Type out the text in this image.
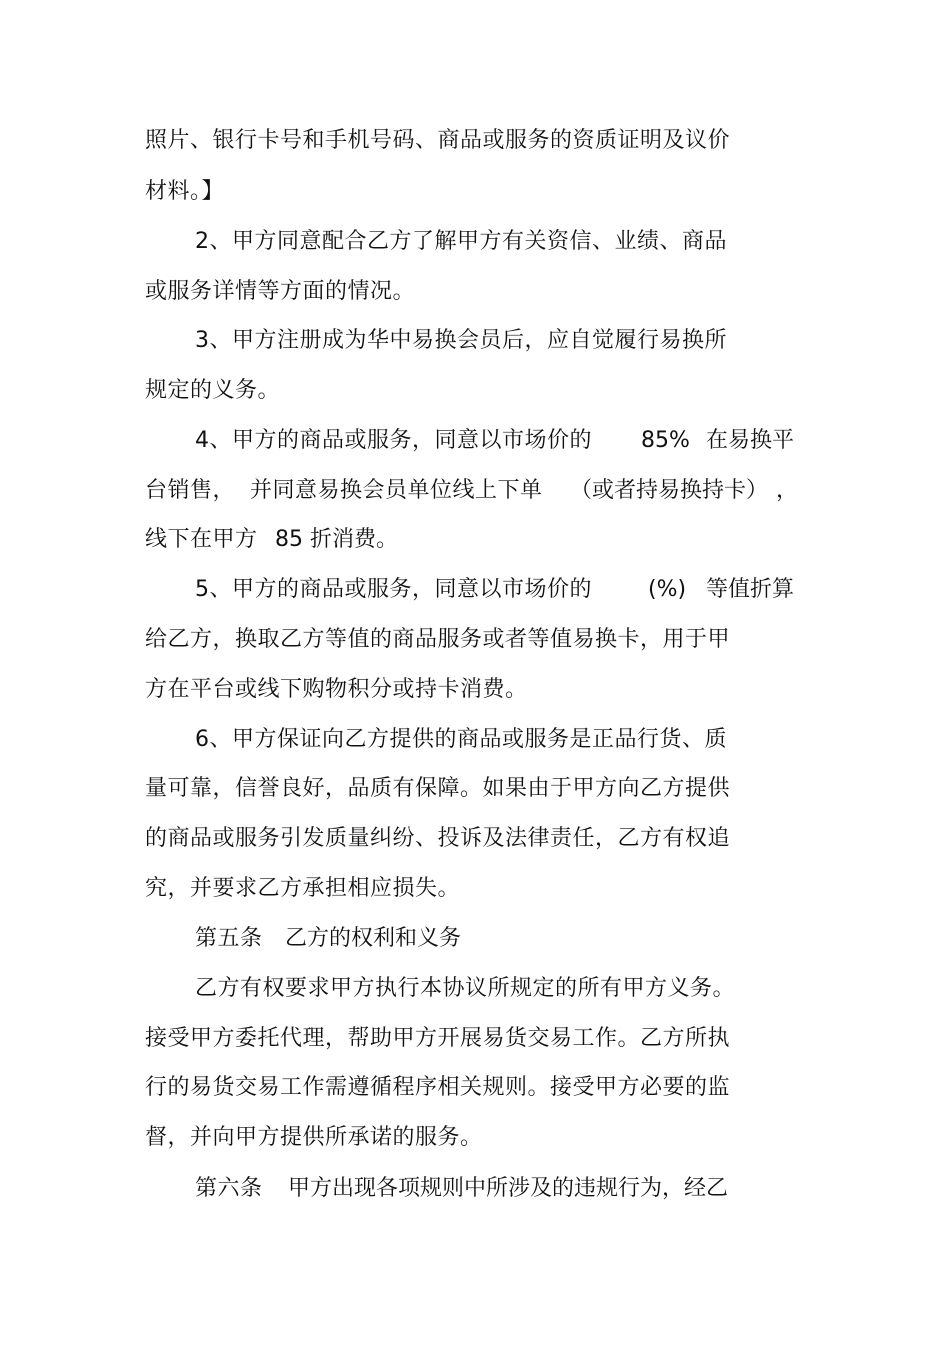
照片、银行卡号和手机号码、商品或服务的资质证明及议价
材料。】
2、甲方同意配合乙方了解甲方有关资信、业绩、商品
或服务详情等方面的情况。
3、甲方注册成为华中易换会员后，应自觉履行易换所
规定的义务。
4、甲方的商品或服务，同意以市场价的 85% 在易换平
台销售，  并同意易换会员单位线上下单 （或者持易换持卡） ，
线下在甲方 85 折消费。
5、甲方的商品或服务，同意以市场价的	(%) 等值折算
给乙方，换取乙方等值的商品服务或者等值易换卡，用于甲
方在平台或线下购物积分或持卡消费。
6、甲方保证向乙方提供的商品或服务是正品行货、质
量可靠，信誉良好，品质有保障。如果由于甲方向乙方提供
的商品或服务引发质量纠纷、投诉及法律责任，乙方有权追
究，并要求乙方承担相应损失。
第五条 乙方的权利和义务
乙方有权要求甲方执行本协议所规定的所有甲方义务。
接受甲方委托代理，帮助甲方开展易货交易工作。乙方所执
行的易货交易工作需遵循程序相关规则。接受甲方必要的监
督，并向甲方提供所承诺的服务。
第六条 甲方出现各项规则中所涉及的违规行为，经乙
